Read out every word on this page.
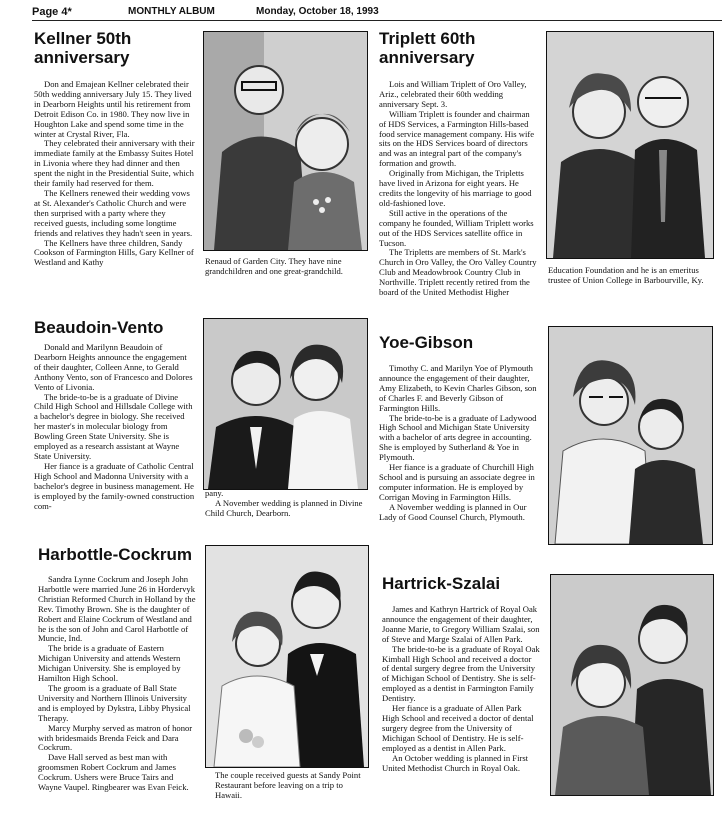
Page 4*	MONTHLY ALBUM	Monday, October 18, 1993
Kellner 50th anniversary

Don and Emajean Kellner celebrated their 50th wedding anniversary July 15. They lived in Dearborn Heights until his retirement from Detroit Edison Co. in 1980. They now live in Houghton Lake and spend some time in the winter at Crystal River, Fla.

They celebrated their anniversary with their immediate family at the Embassy Suites Hotel in Livonia where they had dinner and then spent the night in the Presidential Suite, which their family had reserved for them.

The Kellners renewed their wedding vows at St. Alexander's Catholic Church and were then surprised with a party where they received guests, including some longtime friends and relatives they hadn't seen in years.

The Kellners have three children, Sandy Cookson of Farmington Hills, Gary Kellner of Westland and Kathy	Renaud of Garden City. They have nine grandchildren and one great-grandchild.
Triplett 60th anniversary

Lois and William Triplett of Oro Valley, Ariz., celebrated their 60th wedding anniversary Sept. 3.

William Triplett is founder and chairman of HDS Services, a Farmington Hills-based food service management company. His wife sits on the HDS Services board of directors and was an integral part of the company's formation and growth.

Originally from Michigan, the Tripletts have lived in Arizona for eight years. He credits the longevity of his marriage to good old-fashioned love.

Still active in the operations of the company he founded, William Triplett works out of the HDS Services satellite office in Tucson.

The Tripletts are members of St. Mark's Church in Oro Valley, the Oro Valley Country Club and Meadowbrook Country Club in Northville. Triplett recently retired from the board of the United Methodist Higher

Education Foundation and he is an emeritus trustee of Union College in Barbourville, Ky.
Beaudoin-Vento

Donald and Marilynn Beaudoin of Dearborn Heights announce the engagement of their daughter, Colleen Anne, to Gerald Anthony Vento, son of Francesco and Dolores Vento of Livonia.

The bride-to-be is a graduate of Divine Child High School and Hillsdale College with a bachelor's degree in biology. She received her master's in molecular biology from Bowling Green State University. She is employed as a research assistant at Wayne State University.

Her fiance is a graduate of Catholic Central High School and Madonna University with a bachelor's degree in business management. He is employed by the family-owned construction com-

pany.

A November wedding is planned in Divine Child Church, Dearborn.

Yoe-Gibson

Timothy C. and Marilyn Yoe of Plymouth announce the engagement of their daughter, Amy Elizabeth, to Kevin Charles Gibson, son of Charles F. and Beverly Gibson of Farmington Hills.

The bride-to-be is a graduate of Ladywood High School and Michigan State University with a bachelor of arts degree in accounting. She is employed by Sutherland & Yoe in Plymouth.

Her fiance is a graduate of Churchill High School and is pursuing an associate degree in computer information. He is employed by Corrigan Moving in Farmington Hills.

A November wedding is planned in Our Lady of Good Counsel Church, Plymouth.

Harbottle-Cockrum

Sandra Lynne Cockrum and Joseph John Harbottle were married June 26 in Hordervyk Christian Reformed Church in Holland by the Rev. Timothy Brown. She is the daughter of Robert and Elaine Cockrum of Westland and he is the son of John and Carol Harbottle of Muncie, Ind.

The bride is a graduate of Eastern Michigan University and attends Western Michigan University. She is employed by Hamilton High School.

The groom is a graduate of Ball State University and Northern Illinois University and is employed by Dykstra, Libby Physical Therapy.

Marcy Murphy served as matron of honor with bridesmaids Brenda Feick and Dara Cockrum.

Dave Hall served as best man with groomsmen Robert Cockrum and James Cockrum. Ushers were Bruce Tairs and Wayne Vaupel. Ringbearer was Evan Feick.

The couple received guests at Sandy Point Restaurant before leaving on a trip to Hawaii.
Hartrick-Szalai

James and Kathryn Hartrick of Royal Oak announce the engagement of their daughter, Joanne Marie, to Gregory William Szalai, son of Steve and Marge Szalai of Allen Park.

The bride-to-be is a graduate of Royal Oak Kimball High School and received a doctor of dental surgery degree from the University of Michigan School of Dentistry. She is self-employed as a dentist in Farmington Family Dentistry.

Her fiance is a graduate of Allen Park High School and received a doctor of dental surgery degree from the University of Michigan School of Dentistry. He is self-employed as a dentist in Allen Park.

An October wedding is planned in First United Methodist Church in Royal Oak.
